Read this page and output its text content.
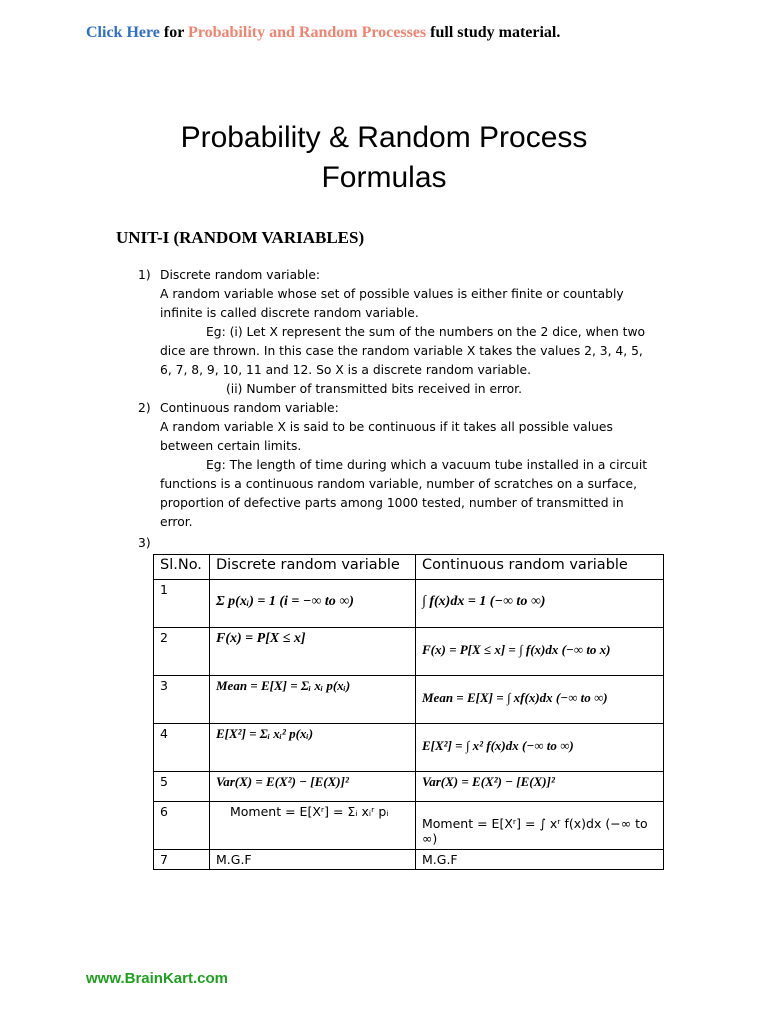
Click Here for Probability and Random Processes full study material.
Probability & Random Process
Formulas
UNIT-I (RANDOM VARIABLES)
1) Discrete random variable:
A random variable whose set of possible values is either finite or countably infinite is called discrete random variable.
Eg: (i) Let X represent the sum of the numbers on the 2 dice, when two dice are thrown. In this case the random variable X takes the values 2, 3, 4, 5, 6, 7, 8, 9, 10, 11 and 12. So X is a discrete random variable.
(ii) Number of transmitted bits received in error.
2) Continuous random variable:
A random variable X is said to be continuous if it takes all possible values between certain limits.
Eg: The length of time during which a vacuum tube installed in a circuit functions is a continuous random variable, number of scratches on a surface, proportion of defective parts among 1000 tested, number of transmitted in error.
3)
Sl.No.	Discrete random variable	Continuous random variable
1	Σ p(xᵢ) = 1 (i = −∞ to ∞)	∫ f(x)dx = 1 (−∞ to ∞)

2	F(x) = P[X ≤ x]	F(x) = P[X ≤ x] = ∫ f(x)dx (−∞ to x)

3	Mean = E[X] = Σᵢ xᵢ p(xᵢ)	Mean = E[X] = ∫ xf(x)dx (−∞ to ∞)

4	E[X²] = Σᵢ xᵢ² p(xᵢ)	E[X²] = ∫ x² f(x)dx (−∞ to ∞)

5	Var(X) = E(X²) − [E(X)]²	Var(X) = E(X²) − [E(X)]²
6	Moment = E[Xʳ] = Σᵢ xᵢʳ pᵢ	Moment = E[Xʳ] = ∫ xʳ f(x)dx (−∞ to ∞)

7	M.G.F	M.G.F
www.BrainKart.com
